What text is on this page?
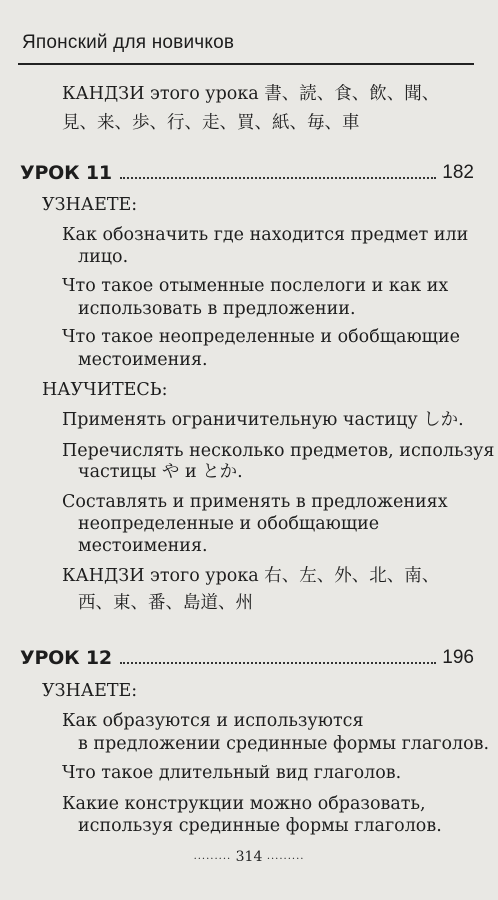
Японский для новичков
КАНДЗИ этого урока 書、読、食、飲、聞、
見、来、歩、行、走、買、紙、毎、車
УРОК 11	182
УЗНАЕТЕ:
Как обозначить где находится предмет или
лицо.
Что такое отыменные послелоги и как их
использовать в предложении.
Что такое неопределенные и обобщающие
местоимения.
НАУЧИТЕСЬ:
Применять ограничительную частицу しか.
Перечислять несколько предметов, используя
частицы や и とか.
Составлять и применять в предложениях
неопределенные и обобщающие
местоимения.
КАНДЗИ этого урока 右、左、外、北、南、
西、東、番、島道、州
УРОК 12	196
УЗНАЕТЕ:
Как образуются и используются
в предложении срединные формы глаголов.
Что такое длительный вид глаголов.
Какие конструкции можно образовать,
используя срединные формы глаголов.
......... 314 .........
